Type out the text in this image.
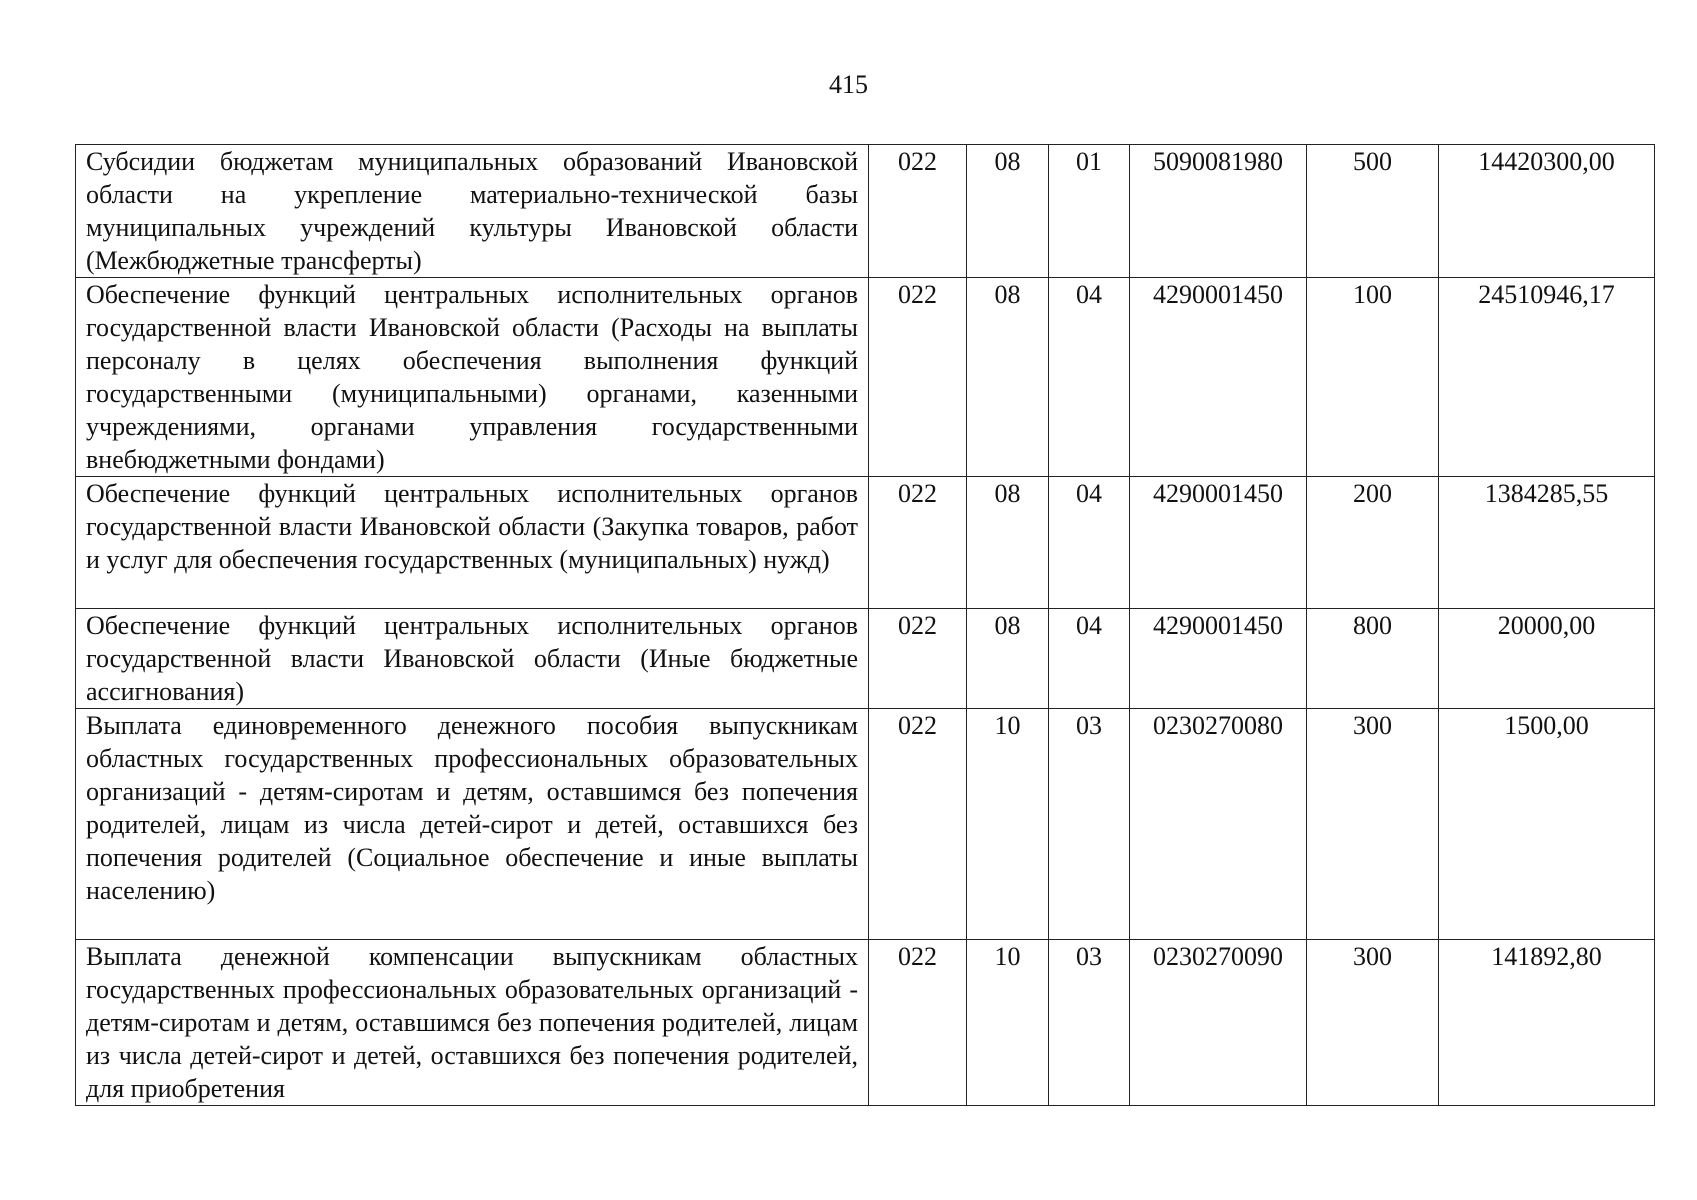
415
Субсидии бюджетам муниципальных образований Ивановской области на укрепление материально-технической базы муниципальных учреждений культуры Ивановской области (Межбюджетные трансферты)	022	08	01	5090081980	500	14420300,00
Обеспечение функций центральных исполнительных органов государственной власти Ивановской области (Расходы на выплаты персоналу в целях обеспечения выполнения функций государственными (муниципальными) органами, казенными учреждениями, органами управления государственными внебюджетными фондами)	022	08	04	4290001450	100	24510946,17
Обеспечение функций центральных исполнительных органов государственной власти Ивановской области (Закупка товаров, работ и услуг для обеспечения государственных (муниципальных) нужд)	022	08	04	4290001450	200	1384285,55
Обеспечение функций центральных исполнительных органов государственной власти Ивановской области (Иные бюджетные ассигнования)	022	08	04	4290001450	800	20000,00
Выплата единовременного денежного пособия выпускникам областных государственных профессиональных образовательных организаций - детям-сиротам и детям, оставшимся без попечения родителей, лицам из числа детей-сирот и детей, оставшихся без попечения родителей (Социальное обеспечение и иные выплаты населению)	022	10	03	0230270080	300	1500,00
Выплата денежной компенсации выпускникам областных государственных профессиональных образовательных организаций - детям-сиротам и детям, оставшимся без попечения родителей, лицам из числа детей-сирот и детей, оставшихся без попечения родителей, для приобретения	022	10	03	0230270090	300	141892,80
